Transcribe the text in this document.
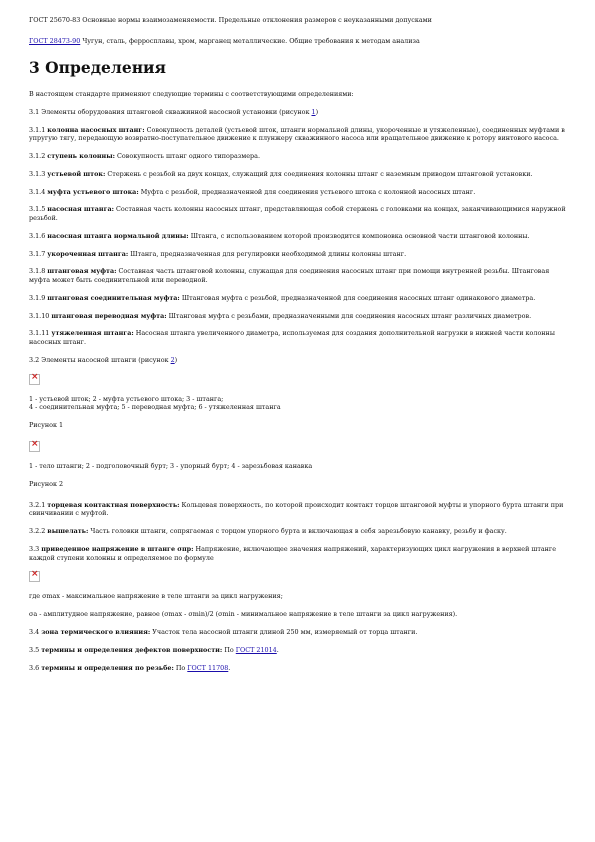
ГОСТ 25670-83 Основные нормы взаимозаменяемости. Предельные отклонения размеров с неуказанными допусками

ГОСТ 28473-90 Чугун, сталь, ферросплавы, хром, марганец металлические. Общие требования к методам анализа

3 Определения

В настоящем стандарте применяют следующие термины с соответствующими определениями:

3.1 Элементы оборудования штанговой скважинной насосной установки (рисунок 1)

3.1.1 колонна насосных штанг: Совокупность деталей (устьевой шток, штанги нормальной длины, укороченные и утяжеленные), соединенных муфтами в упругую тягу, передающую возвратно-поступательное движение к плунжеру скважинного насоса или вращательное движение к ротору винтового насоса.

3.1.2 ступень колонны: Совокупность штанг одного типоразмера.

3.1.3 устьевой шток: Стержень с резьбой на двух концах, служащий для соединения колонны штанг с наземным приводом штанговой установки.

3.1.4 муфта устьевого штока: Муфта с резьбой, предназначенной для соединения устьевого штока с колонной насосных штанг.

3.1.5 насосная штанга: Составная часть колонны насосных штанг, представляющая собой стержень с головками на концах, заканчивающимися наружной резьбой.

3.1.6 насосная штанга нормальной длины: Штанга, с использованием которой производится компоновка основной части штанговой колонны.

3.1.7 укороченная штанга: Штанга, предназначенная для регулировки необходимой длины колонны штанг.

3.1.8 штанговая муфта: Составная часть штанговой колонны, служащая для соединения насосных штанг при помощи внутренней резьбы. Штанговая муфта может быть соединительной или переводной.

3.1.9 штанговая соединительная муфта: Штанговая муфта с резьбой, предназначенной для соединения насосных штанг одинакового диаметра.

3.1.10 штанговая переводная муфта: Штанговая муфта с резьбами, предназначенными для соединения насосных штанг различных диаметров.

3.1.11 утяжеленная штанга: Насосная штанга увеличенного диаметра, используемая для создания дополнительной нагрузки в нижней части колонны насосных штанг.

3.2 Элементы насосной штанги (рисунок 2)

×

1 - устьевой шток; 2 - муфта устьевого штока; 3 - штанга;
4 - соединительная муфта; 5 - переводная муфта; 6 - утяжеленная штанга

Рисунок 1

×

1 - тело штанги; 2 - подголовочный бурт; 3 - упорный бурт; 4 - зарезьбовая канавка

Рисунок 2

3.2.1 торцевая контактная поверхность: Кольцевая поверхность, по которой происходит контакт торцов штанговой муфты и упорного бурта штанги при свинчивании с муфтой.

3.2.2 вышелать: Часть головки штанги, сопрягаемая с торцом упорного бурта и включающая в себя зарезьбовую канавку, резьбу и фаску.

3.3 приведенное напряжение в штанге σпр: Напряжение, включающее значения напряжений, характеризующих цикл нагружения в верхней штанге каждой ступени колонны и определяемое по формуле

×

где σmax - максимальное напряжение в теле штанги за цикл нагружения;

σa - амплитудное напряжение, равное (σmax - σmin)/2 (σmin - минимальное напряжение в теле штанги за цикл нагружения).

3.4 зона термического влияния: Участок тела насосной штанги длиной 250 мм, измеряемый от торца штанги.

3.5 термины и определения дефектов поверхности: По ГОСТ 21014.

3.6 термины и определения по резьбе: По ГОСТ 11708.
